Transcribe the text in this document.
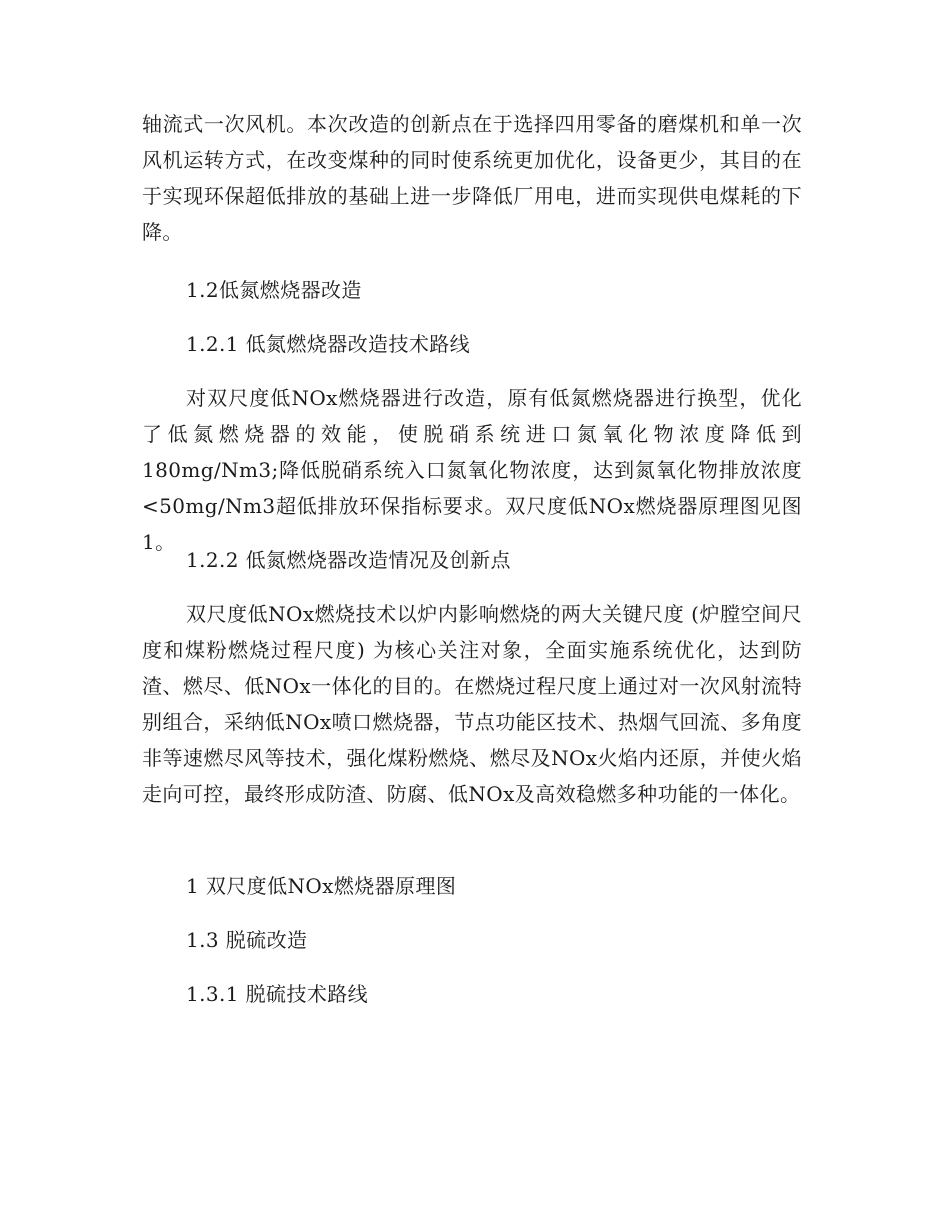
轴流式一次风机。本次改造的创新点在于选择四用零备的磨煤机和单一次风机运转方式，在改变煤种的同时使系统更加优化，设备更少，其目的在于实现环保超低排放的基础上进一步降低厂用电，进而实现供电煤耗的下降。

1.2低氮燃烧器改造

1.2.1 低氮燃烧器改造技术路线

对双尺度低NOx燃烧器进行改造，原有低氮燃烧器进行换型，优化了低氮燃烧器的效能，使脱硝系统进口氮氧化物浓度降低到180mg/Nm3;降低脱硝系统入口氮氧化物浓度，达到氮氧化物排放浓度<50mg/Nm3超低排放环保指标要求。双尺度低NOx燃烧器原理图见图1。

1.2.2 低氮燃烧器改造情况及创新点

双尺度低NOx燃烧技术以炉内影响燃烧的两大关键尺度 (炉膛空间尺度和煤粉燃烧过程尺度) 为核心关注对象，全面实施系统优化，达到防渣、燃尽、低NOx一体化的目的。在燃烧过程尺度上通过对一次风射流特别组合，采纳低NOx喷口燃烧器，节点功能区技术、热烟气回流、多角度非等速燃尽风等技术，强化煤粉燃烧、燃尽及NOx火焰内还原，并使火焰走向可控，最终形成防渣、防腐、低NOx及高效稳燃多种功能的一体化。

1 双尺度低NOx燃烧器原理图

1.3 脱硫改造

1.3.1 脱硫技术路线
